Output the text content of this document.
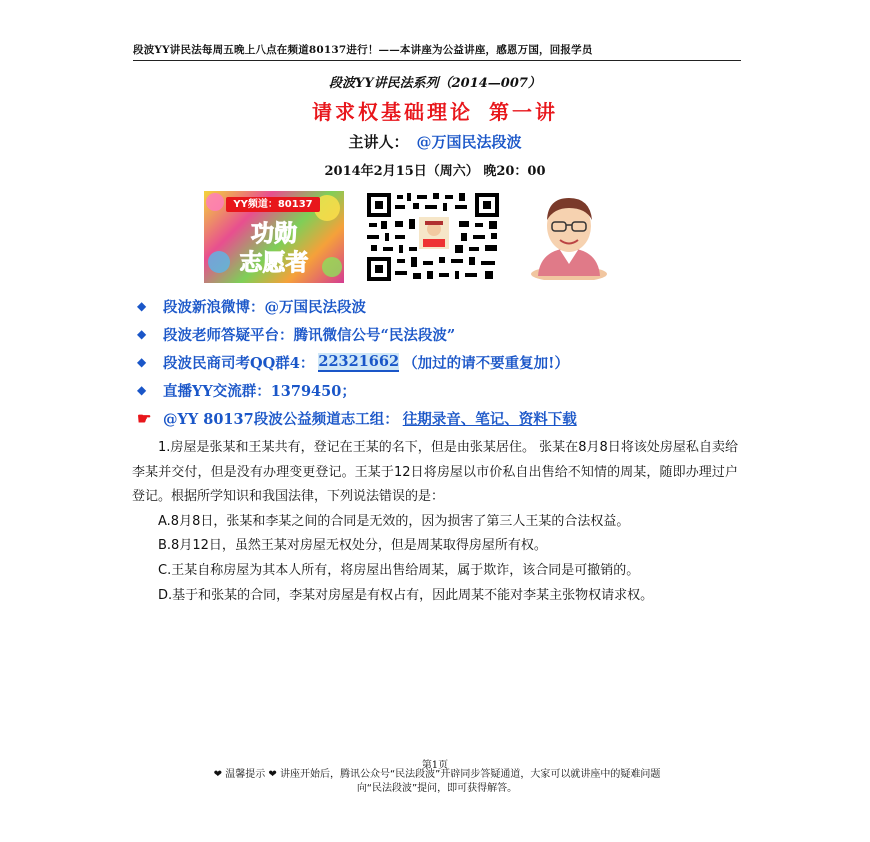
段波YY讲民法每周五晚上八点在频道80137进行！——本讲座为公益讲座，感恩万国，回报学员
段波YY讲民法系列（2014—007）
请求权基础理论 第一讲
主讲人： @万国民法段波
2014年2月15日（周六） 晚20：00
YY频道：80137
功勋
志愿者
◆	段波新浪微博：@万国民法段波
◆	段波老师答疑平台：腾讯微信公号“民法段波”
◆	段波民商司考QQ群4： 22321662 （加过的请不要重复加!）
◆	直播YY交流群：1379450；
☛ @YY 80137段波公益频道志工组： 往期录音、笔记、资料下载

1.房屋是张某和王某共有，登记在王某的名下，但是由张某居住。 张某在8月8日将该处房屋私自卖给李某并交付，但是没有办理变更登记。王某于12日将房屋以市价私自出售给不知情的周某，随即办理过户登记。根据所学知识和我国法律，下列说法错误的是：

A.8月8日，张某和李某之间的合同是无效的，因为损害了第三人王某的合法权益。

B.8月12日，虽然王某对房屋无权处分，但是周某取得房屋所有权。

C.王某自称房屋为其本人所有，将房屋出售给周某，属于欺诈，该合同是可撤销的。

D.基于和张某的合同，李某对房屋是有权占有，因此周某不能对李某主张物权请求权。

第1页
❤ 温馨提示 ❤ 讲座开始后，腾讯公众号“民法段波”开辟同步答疑通道，大家可以就讲座中的疑难问题
向“民法段波”提问，即可获得解答。
